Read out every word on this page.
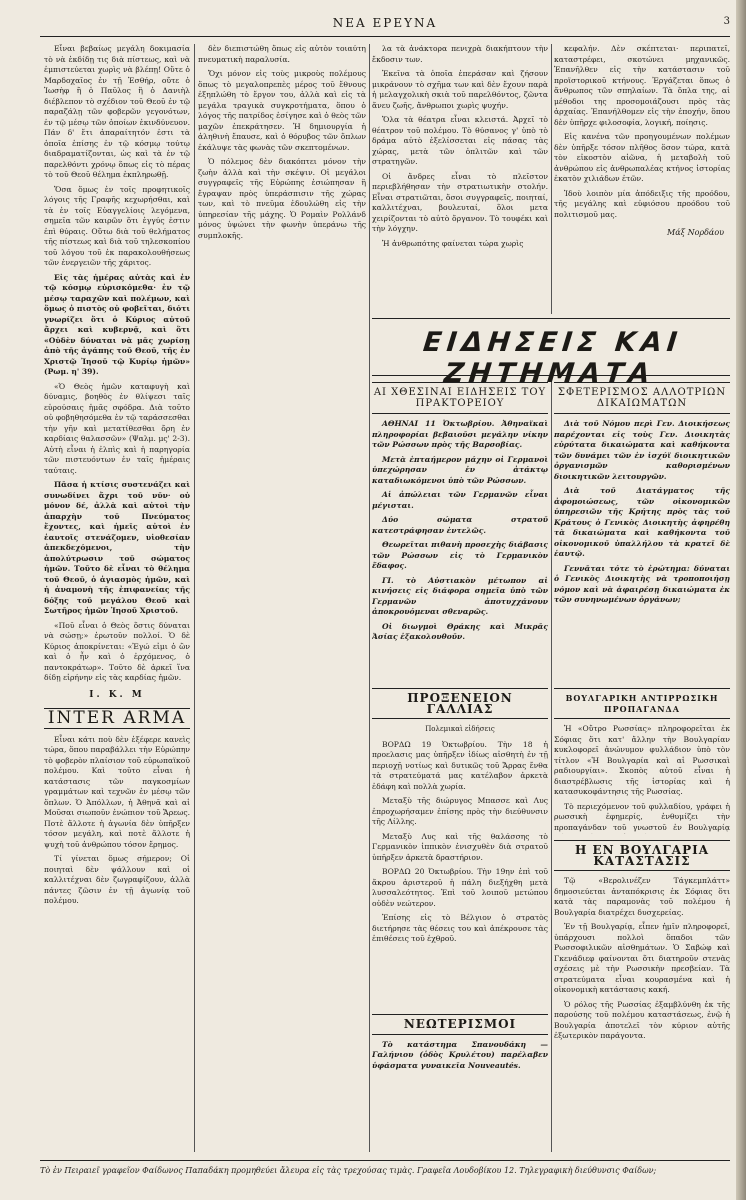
ΝΕΑ ΕΡΕΥΝΑ	3

Εἶναι βεβαίως μεγάλη δοκιμασία τὸ νὰ ἐκδίδῃ τις διὰ πίστεως, καὶ νὰ ἐμπιστεύεται χωρὶς νὰ βλέπῃ! Οὔτε ὁ Μαρδοχαῖος ἐν τῇ Ἐσθήρ, οὔτε ὁ Ἰωσὴφ ἢ ὁ Παῦλος ἢ ὁ Δανιὴλ διέβλεπον τὸ σχέδιον τοῦ Θεοῦ ἐν τῷ παραζάλῃ τῶν φοβερῶν γεγονότων, ἐν τῷ μέσῳ τῶν ὁποίων ἐκινδύνευον. Πάν δ' ἔτι ἀπαραίτητόν ἐστι τὰ ὁποῖα ἐπίσης ἐν τῷ κόσμῳ τούτῳ διαδραματίζονται, ὡς καὶ τὰ ἐν τῷ παρελθόντι χρόνῳ ὅπως εἰς τὸ πέρας τὸ τοῦ Θεοῦ θέλημα ἐκπληρωθῇ.

Ὅσα ὅμως ἐν τοῖς προφητικοῖς λόγοις τῆς Γραφῆς κεχωρήσθαι, καὶ τὰ ἐν τοῖς Εὐαγγελίοις λεγόμενα, σημεῖα τῶν καιρῶν ὅτι ἐγγύς ἐστιν ἐπὶ θύραις. Οὕτω διὰ τοῦ θελήματος τῆς πίστεως καὶ διὰ τοῦ τηλεσκοπίου τοῦ λόγου τοῦ ἐκ παρακολουθήσεως τῶν ἐνεργειῶν τῆς χάριτος.

Εἰς τὰς ἡμέρας αὐτὰς καὶ ἐν τῷ κόσμῳ εὑρισκόμεθα· ἐν τῷ μέσῳ ταραχῶν καὶ πολέμων, καὶ ὅμως ὁ πιστὸς οὐ φοβεῖται, διότι γνωρίζει ὅτι ὁ Κύριος αὐτοῦ ἄρχει καὶ κυβερνᾷ, καὶ ὅτι «Οὐδὲν δύναται νὰ μᾶς χωρίσῃ ἀπὸ τῆς ἀγάπης τοῦ Θεοῦ, τῆς ἐν Χριστῷ Ἰησοῦ τῷ Κυρίῳ ἡμῶν» (Ρωμ. η' 39).

«Ὁ Θεὸς ἡμῶν καταφυγὴ καὶ δύναμις, βοηθὸς ἐν θλίψεσι ταῖς εὑρούσαις ἡμᾶς σφόδρα. Διὰ τοῦτο οὐ φοβηθησόμεθα ἐν τῷ ταράσσεσθαι τὴν γῆν καὶ μετατίθεσθαι ὄρη ἐν καρδίαις θαλασσῶν» (Ψαλμ. μς' 2-3). Αὐτὴ εἶναι ἡ ἐλπὶς καὶ ἡ παρηγορία τῶν πιστευόντων ἐν ταῖς ἡμέραις ταύταις.

Πᾶσα ἡ κτίσις συστενάζει καὶ συνωδίνει ἄχρι τοῦ νῦν· οὐ μόνον δέ, ἀλλὰ καὶ αὐτοὶ τὴν ἀπαρχὴν τοῦ Πνεύματος ἔχοντες, καὶ ἡμεῖς αὐτοὶ ἐν ἑαυτοῖς στενάζομεν, υἱοθεσίαν ἀπεκδεχόμενοι, τὴν ἀπολύτρωσιν τοῦ σώματος ἡμῶν. Τοῦτο δὲ εἶναι τὸ θέλημα τοῦ Θεοῦ, ὁ ἁγιασμὸς ἡμῶν, καὶ ἡ ἀναμονὴ τῆς ἐπιφανείας τῆς δόξης τοῦ μεγάλου Θεοῦ καὶ Σωτῆρος ἡμῶν Ἰησοῦ Χριστοῦ.

«Ποῦ εἶναι ὁ Θεὸς ὅστις δύναται νὰ σώσῃ;» ἐρωτοῦν πολλοί. Ὁ δὲ Κύριος ἀποκρίνεται: «Ἐγώ εἰμι ὁ ὢν καὶ ὁ ἦν καὶ ὁ ἐρχόμενος, ὁ παντοκράτωρ». Τοῦτο δὲ ἀρκεῖ ἵνα δίδῃ εἰρήνην εἰς τὰς καρδίας ἡμῶν.

Ι. Κ. Μ
INTER ARMA

Εἶναι κάτι ποὺ δὲν ἐξέφερε κανεὶς τώρα, ὅπου παραβάλλει τὴν Εὐρώπην τὸ φοβερὸν πλαίσιον τοῦ εὐρωπαϊκοῦ πολέμου. Καὶ τοῦτο εἶναι ἡ κατάστασις τῶν παγκοσμίων γραμμάτων καὶ τεχνῶν ἐν μέσῳ τῶν ὅπλων. Ὁ Ἀπόλλων, ἡ Ἀθηνᾶ καὶ αἱ Μοῦσαι σιωποῦν ἐνώπιον τοῦ Ἄρεως. Ποτὲ ἄλλοτε ἡ ἀγωνία δὲν ὑπῆρξεν τόσον μεγάλη, καὶ ποτὲ ἄλλοτε ἡ ψυχὴ τοῦ ἀνθρώπου τόσον ἔρημος.

Τί γίνεται ὅμως σήμερον; Οἱ ποιηταὶ δὲν ψάλλουν καὶ οἱ καλλιτέχναι δὲν ζωγραφίζουν, ἀλλὰ πάντες ζῶσιν ἐν τῇ ἀγωνίᾳ τοῦ πολέμου.

δὲν διεπιστώθη ὅπως εἰς αὐτὸν τοιαύτη πνευματικὴ παραλυσία.

Ὄχι μόνον εἰς τοὺς μικροὺς πολέμους ὅπως τὸ μεγαλοπρεπὲς μέρος τοῦ ἔθνους ἐξηπλώθη τὸ ἔργον του, ἀλλὰ καὶ εἰς τὰ μεγάλα τραγικὰ συγκροτήματα, ὅπου ὁ λόγος τῆς πατρίδος ἐσίγησε καὶ ὁ θεὸς τῶν μαχῶν ἐπεκράτησεν. Ἡ δημιουργία ἡ ἀληθινὴ ἔπαυσε, καὶ ὁ θόρυβος τῶν ὅπλων ἐκάλυψε τὰς φωνὰς τῶν σκεπτομένων.

Ὁ πόλεμος δὲν διακόπτει μόνον τὴν ζωὴν ἀλλὰ καὶ τὴν σκέψιν. Οἱ μεγάλοι συγγραφεῖς τῆς Εὐρώπης ἐσιώπησαν ἢ ἔγραψαν πρὸς ὑπεράσπισιν τῆς χώρας των, καὶ τὸ πνεῦμα ἐδουλώθη εἰς τὴν ὑπηρεσίαν τῆς μάχης. Ὁ Ρομαὶν Ρολλάνδ μόνος ὑψώνει τὴν φωνὴν ὑπεράνω τῆς συμπλοκῆς.

λα τὰ ἀνάκτορα πενιχρὰ διακήπτουν τὴν ἔκδοσιν των.

Ἐκεῖνα τὰ ὁποῖα ἐπεράσαν καὶ ζήσουν μικράνουν τὸ σχῆμα των καὶ δὲν ἔχουν παρὰ ἡ μελαγχολικὴ σκιὰ τοῦ παρελθόντος, ζῶντα ἄνευ ζωῆς, ἄνθρωποι χωρὶς ψυχήν.

Ὅλα τὰ θέατρα εἶναι κλειστά. Ἀρχεῖ τὸ θέατρον τοῦ πολέμου. Τὸ θύσανος γ' ὑπὸ τὸ δράμα αὐτὸ ἐξελίσσεται εἰς πάσας τὰς χώρας, μετὰ τῶν ὁπλιτῶν καὶ τῶν στρατηγῶν.

Οἱ ἄνδρες εἶναι τὸ πλεῖστον περιεβλήθησαν τὴν στρατιωτικὴν στολήν. Εἶναι στρατιῶται, ὅσοι συγγραφεῖς, ποιηταί, καλλιτέχναι, βουλευταί, ὅλοι μετα χειρίζονται τὸ αὐτὸ ὄργανον. Τὸ τουφέκι καὶ τὴν λόγχην.

Ἡ ἀνθρωπότης φαίνεται τώρα χωρὶς

κεφαλήν. Δὲν σκέπτεται· περιπατεῖ, καταστρέφει, σκοτώνει μηχανικῶς. Ἐπανῆλθεν εἰς τὴν κατάστασιν τοῦ προϊστορικοῦ κτήνους. Ἐργάζεται ὅπως ὁ ἄνθρωπος τῶν σπηλαίων. Τὰ ὅπλα της, αἱ μέθοδοι της προσομοιάζουσι πρὸς τὰς ἀρχαίας. Ἐπανήλθομεν εἰς τὴν ἐποχήν, ὅπου δὲν ὑπῆρχε φιλοσοφία, λογική, ποίησις.

Εἰς κανένα τῶν προηγουμένων πολέμων δὲν ὑπῆρξε τόσον πλῆθος ὅσον τώρα, κατὰ τὸν εἰκοστὸν αἰῶνα, ἡ μεταβολὴ τοῦ ἀνθρώπου εἰς ἀνθρωπαλέας κτήνος ἱστορίας ἐκατὸν χιλιάδων ἐτῶν.

Ἰδοὺ λοιπὸν μία ἀπόδειξις τῆς προόδου, τῆς μεγάλης καὶ εὐφιόσου προόδου τοῦ πολιτισμοῦ μας.

Μάξ Νορδάου
ΕΙΔΗΣΕΙΣ ΚΑΙ ΖΗΤΗΜΑΤΑ
ΑΙ ΧΘΕΣΙΝΑΙ ΕΙΔΗΣΕΙΣ ΤΟΥ ΠΡΑΚΤΟΡΕΙΟΥ

ΑΘΗΝΑΙ 11 Ὀκτωβρίου. Ἀθηναϊκαὶ πληροφορίαι βεβαιοῦσι μεγάλην νίκην τῶν Ρώσσων πρὸς τῆς Βαρσοβίας.

Μετὰ ἑπταήμερον μάχην οἱ Γερμανοὶ ὑπεχώρησαν ἐν ἀτάκτῳ καταδιωκόμενοι ὑπὸ τῶν Ρώσσων.

Αἱ ἀπώλειαι τῶν Γερμανῶν εἶναι μέγισται.

Δύο σώματα στρατοῦ κατεστράφησαν ἐντελῶς.

Θεωρεῖται πιθανὴ προσεχὴς διάβασις τῶν Ρώσσων εἰς τὸ Γερμανικὸν ἔδαφος.

ΓΙ. τὸ Αὐστιακὸν μέτωπον αἱ κινήσεις εἰς διάφορα σημεῖα ὑπὸ τῶν Γερμανῶν ἀποτυχχάνουν ἀποκρουόμεναι σθεναρῶς.

Οἱ διωγμοὶ Θράκης καὶ Μικρᾶς Ἀσίας ἐξακολουθοῦν.

ΠΡΟΞΕΝΕΙΟΝ ΓΑΛΛΙΑΣ
Πολεμικαὶ εἰδήσεις

ΒΟΡΔΩ 19 Ὀκτωβρίου. Τὴν 18 ἡ προελασις μας ὑπῆρξεν ἰδίως αἰσθητὴ ἐν τῇ περιοχῇ νοτίως καὶ δυτικῶς τοῦ Ἄρρας ἔνθα τὰ στρατεύματά μας κατέλαβον ἀρκετὰ ἐδάφη καὶ πολλὰ χωρία.

Μεταξὺ τῆς διώρυγος Μπασσε καὶ Λυς ἐπροχωρήσαμεν ἐπίσης πρὸς τὴν διεύθυνσιν τῆς Λίλλης.

Μεταξὺ Λυς καὶ τῆς θαλάσσης τὸ Γερμανικὸν ἱππικὸν ἐνισχυθὲν διὰ στρατοῦ ὑπῆρξεν ἀρκετὰ δραστήριον.

ΒΟΡΔΩ 20 Ὀκτωβρίου. Τὴν 19ην ἐπὶ τοῦ ἄκρου ἀριστεροῦ ἡ πάλη διεξήχθη μετὰ λυσσαλεότητος. Ἐπὶ τοῦ λοιποῦ μετώπου οὐδὲν νεώτερον.

Ἐπίσης εἰς τὸ Βέλγιον ὁ στρατὸς διετήρησε τὰς θέσεις του καὶ ἀπέκρουσε τὰς ἐπιθέσεις τοῦ ἐχθροῦ.

ΝΕΩΤΕΡΙΣΜΟΙ

Τὸ κατάστημα Σπανουδάκη — Γαλήνιου (ὁδὸς Κρυλέτου) παρέλαβεν ὑφάσματα γυναικεῖα Nouveautés.

ΣΦΕΤΕΡΙΣΜΟΣ ΑΛΛΟΤΡΙΩΝ ΔΙΚΑΙΩΜΑΤΩΝ

Διὰ τοῦ Νόμου περὶ Γεν. Διοικήσεως παρέχονται εἰς τοὺς Γεν. Διοικητὰς εὐρύτατα δικαιώματα καὶ καθήκοντα τῶν δυνάμει τῶν ἐν ἰσχύϊ διοικητικῶν ὀργανισμῶν καθορισμένων διοικητικῶν λειτουργῶν.

Διὰ τοῦ Διατάγματος τῆς ἀφομοιώσεως, τῶν οἰκονομικῶν ὑπηρεσιῶν τῆς Κρήτης πρὸς τὰς τοῦ Κράτους ὁ Γενικὸς Διοικητὴς ἀφηρέθη τὰ δικαιώματα καὶ καθήκοντα τοῦ οἰκονομικοῦ ὑπαλλήλου τὰ κρατεῖ δὲ ἑαυτῷ.

Γεννᾶται τότε τὸ ἐρώτημα: δύναται ὁ Γενικὸς Διοικητὴς νὰ τροποποιήσῃ νόμον καὶ νὰ ἀφαιρέσῃ δικαιώματα ἐκ τῶν συνηνωμένων ὀργάνων;

ΒΟΥΛΓΑΡΙΚΗ ΑΝΤΙΡΡΩΣΙΚΗ ΠΡΟΠΑΓΑΝΔΑ

Ἡ «Οὔτρο Ρωσσίας» πληροφορεῖται ἐκ Σόφιας ὅτι κατ' ἄλλην τὴν Βουλγαρίαν κυκλοφορεῖ ἀνώνυμον φυλλάδιον ὑπὸ τὸν τίτλον «Ἡ Βουλγαρία καὶ αἱ Ρωσσικαὶ ραδιουργίαι». Σκοπὸς αὐτοῦ εἶναι ἡ διαστρέβλωσις τῆς ἱστορίας καὶ ἡ κατασυκοφάντησις τῆς Ρωσσίας.

Τὸ περιεχόμενον τοῦ φυλλαδίου, γράφει ἡ ρωσσικὴ ἐφημερίς, ἐνθυμίζει τὴν προπαγάνδαν τοῦ γνωστοῦ ἐν Βουλγαρίᾳ

Η ΕΝ ΒΟΥΛΓΑΡΙΑ ΚΑΤΑΣΤΑΣΙΣ

Τῷ «Βερολινέζεν Τάγκεμπλάττ» δημοσιεύεται ἀνταπόκρισις ἐκ Σόφιας ὅτι κατὰ τὰς παραμονὰς τοῦ πολέμου ἡ Βουλγαρία διατρέχει δυσχερείας.

Ἐν τῇ Βουλγαρίᾳ, εἶπεν ἡμῖν πληροφορεῖ, ὑπάρχουσι πολλοὶ ὅπαδοι τῶν Ρωσσοφιλικῶν αἰσθημάτων. Ὁ Σαβώφ καὶ Γκενάδιεφ φαίνονται ὅτι διατηροῦν στενὰς σχέσεις μὲ τὴν Ρωσσικὴν πρεσβείαν. Τὰ στρατεύματα εἶναι κουρασμένα καὶ ἡ οἰκονομικὴ κατάστασις κακή.

Ὁ ρόλος τῆς Ρωσσίας ἐξαμβλύνθη ἐκ τῆς παρούσης τοῦ πολέμου καταστάσεως, ἐνῷ ἡ Βουλγαρία ἀποτελεῖ τὸν κύριον αὐτῆς ἐξωτερικὸν παράγοντα.

Τὸ ἐν Πειραιεῖ γραφεῖον Φαίδωνος Παπαδάκη προμηθεύει ἄλευρα εἰς τὰς τρεχούσας τιμὰς. Γραφεῖα Λουδοβίκου 12. Τηλεγραφικὴ διεύθυνσις Φαίδων;
